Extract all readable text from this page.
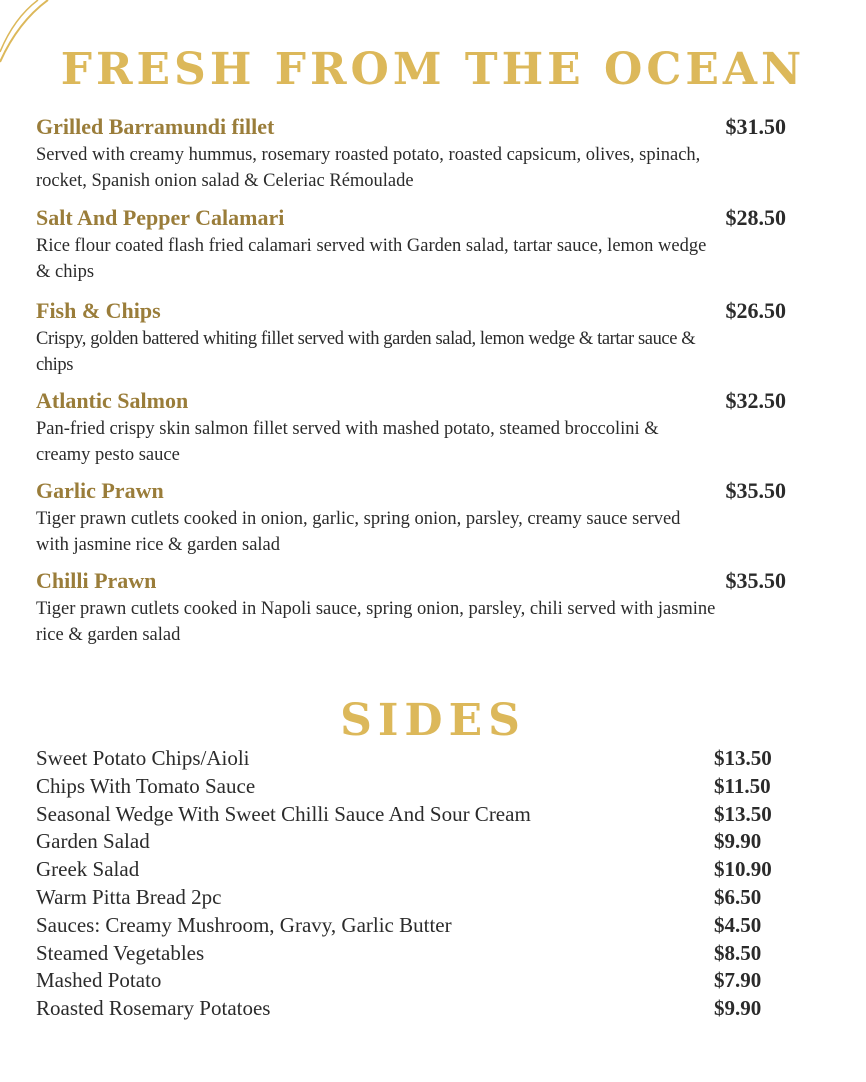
FRESH FROM THE OCEAN
Grilled Barramundi fillet	$31.50
Served with creamy hummus, rosemary roasted potato, roasted capsicum, olives, spinach, rocket, Spanish onion salad & Celeriac Rémoulade
Salt And Pepper Calamari	$28.50
Rice flour coated flash fried calamari served with Garden salad, tartar sauce, lemon wedge & chips
Fish & Chips	$26.50
Crispy, golden battered whiting fillet served with garden salad, lemon wedge & tartar sauce & chips
Atlantic Salmon	$32.50
Pan-fried crispy skin salmon fillet served with mashed potato, steamed broccolini & creamy pesto sauce
Garlic Prawn	$35.50
Tiger prawn cutlets cooked in onion, garlic, spring onion, parsley, creamy sauce served with jasmine rice & garden salad
Chilli Prawn	$35.50
Tiger prawn cutlets cooked in Napoli sauce, spring onion, parsley, chili served with jasmine rice & garden salad
SIDES
Sweet Potato Chips/Aioli	$13.50
Chips With Tomato Sauce	$11.50
Seasonal Wedge With Sweet Chilli Sauce And Sour Cream	$13.50
Garden Salad	$9.90
Greek Salad	$10.90
Warm Pitta Bread 2pc	$6.50
Sauces: Creamy Mushroom, Gravy, Garlic Butter	$4.50
Steamed Vegetables	$8.50
Mashed Potato	$7.90
Roasted Rosemary Potatoes	$9.90
